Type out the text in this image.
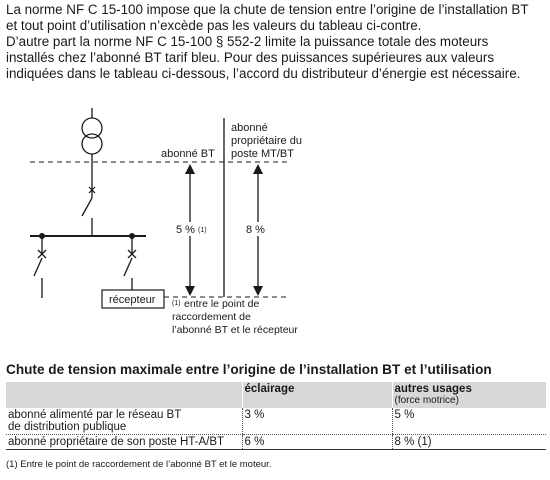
La norme NF C 15-100 impose que la chute de tension entre l’origine de l’installation BT
et tout point d’utilisation n’excède pas les valeurs du tableau ci-contre.
D’autre part la norme NF C 15-100 § 552-2 limite la puissance totale des moteurs
installés chez l’abonné BT tarif bleu. Pour des puissances supérieures aux valeurs
indiquées dans le tableau ci-dessous, l’accord du distributeur d’énergie est nécessaire.
récepteur
5 % (1)	8 %
abonné BT
abonné
propriétaire du
poste MT/BT
(1) entre le point de
raccordement de
l’abonné BT et le récepteur
Chute de tension maximale entre l’origine de l’installation BT et l’utilisation
	éclairage	autres usages
(force motrice)

abonné alimenté par le réseau BT
de distribution publique	3 %	5 %
abonné propriétaire de son poste HT-A/BT	6 %	8 % (1)
(1) Entre le point de raccordement de l’abonné BT et le moteur.
